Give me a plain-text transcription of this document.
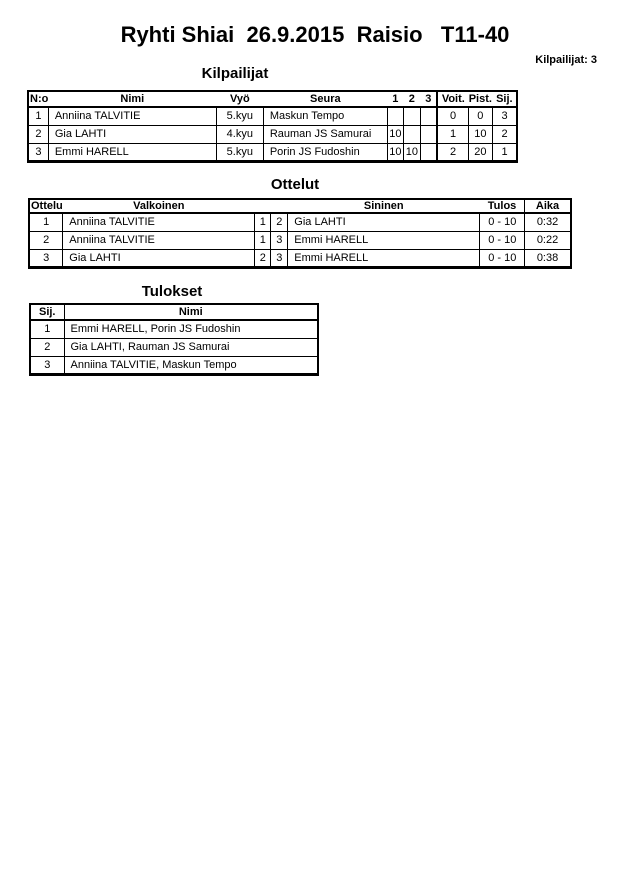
Ryhti Shiai  26.9.2015  Raisio   T11-40
Kilpailijat: 3
Kilpailijat
N:o	Nimi	Vyö	Seura	1	2	3	Voit.	Pist.	Sij.
1	Anniina TALVITIE	5.kyu	Maskun Tempo				0	0	3
2	Gia LAHTI	4.kyu	Rauman JS Samurai	10			1	10	2
3	Emmi HARELL	5.kyu	Porin JS Fudoshin	10	10		2	20	1
Ottelut
Ottelu	Valkoinen			Sininen	Tulos	Aika
1	Anniina TALVITIE	1	2	Gia LAHTI	0 - 10	0:32
2	Anniina TALVITIE	1	3	Emmi HARELL	0 - 10	0:22
3	Gia LAHTI	2	3	Emmi HARELL	0 - 10	0:38
Tulokset
Sij.	Nimi
1	Emmi HARELL, Porin JS Fudoshin
2	Gia LAHTI, Rauman JS Samurai
3	Anniina TALVITIE, Maskun Tempo
